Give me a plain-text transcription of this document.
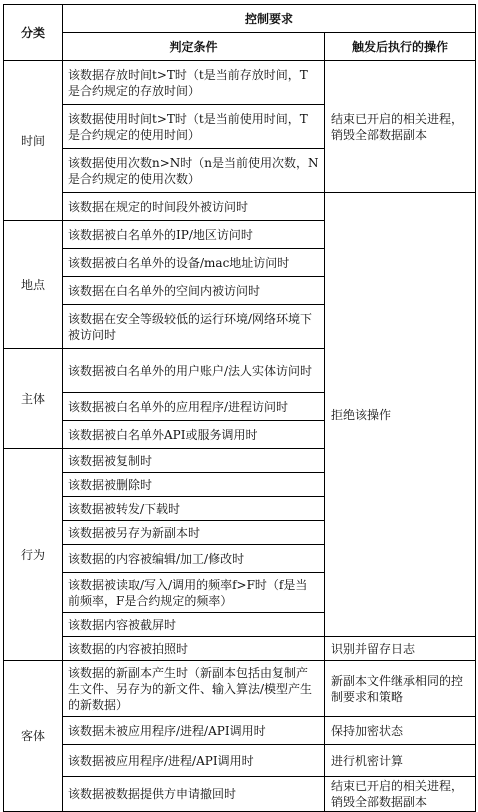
分类	控制要求	
	判定条件	触发后执行的操作
时间	该数据存放时间t>T时（t是当前存放时间，T是合约规定的存放时间）	结束已开启的相关进程，销毁全部数据副本
	该数据使用时间t>T时（t是当前使用时间，T是合约规定的使用时间）	
	该数据使用次数n>N时（n是当前使用次数，N是合约规定的使用次数）	
	该数据在规定的时间段外被访问时	拒绝该操作
地点	该数据被白名单外的IP/地区访问时	
	该数据被白名单外的设备/mac地址访问时	
	该数据在白名单外的空间内被访问时	
	该数据在安全等级较低的运行环境/网络环境下被访问时	
主体	该数据被白名单外的用户账户/法人实体访问时	
	该数据被白名单外的应用程序/进程访问时	
	该数据被白名单外API或服务调用时	
行为	该数据被复制时	
	该数据被删除时	
	该数据被转发/下载时	
	该数据被另存为新副本时	
	该数据的内容被编辑/加工/修改时	
	该数据被读取/写入/调用的频率f>F时（f是当前频率，F是合约规定的频率）	
	该数据内容被截屏时	
	该数据的内容被拍照时	识别并留存日志
客体	该数据的新副本产生时（新副本包括由复制产生文件、另存为的新文件、输入算法/模型产生的新数据）	新副本文件继承相同的控制要求和策略
	该数据未被应用程序/进程/API调用时	保持加密状态
	该数据被应用程序/进程/API调用时	进行机密计算
	该数据被数据提供方申请撤回时	结束已开启的相关进程，销毁全部数据副本
